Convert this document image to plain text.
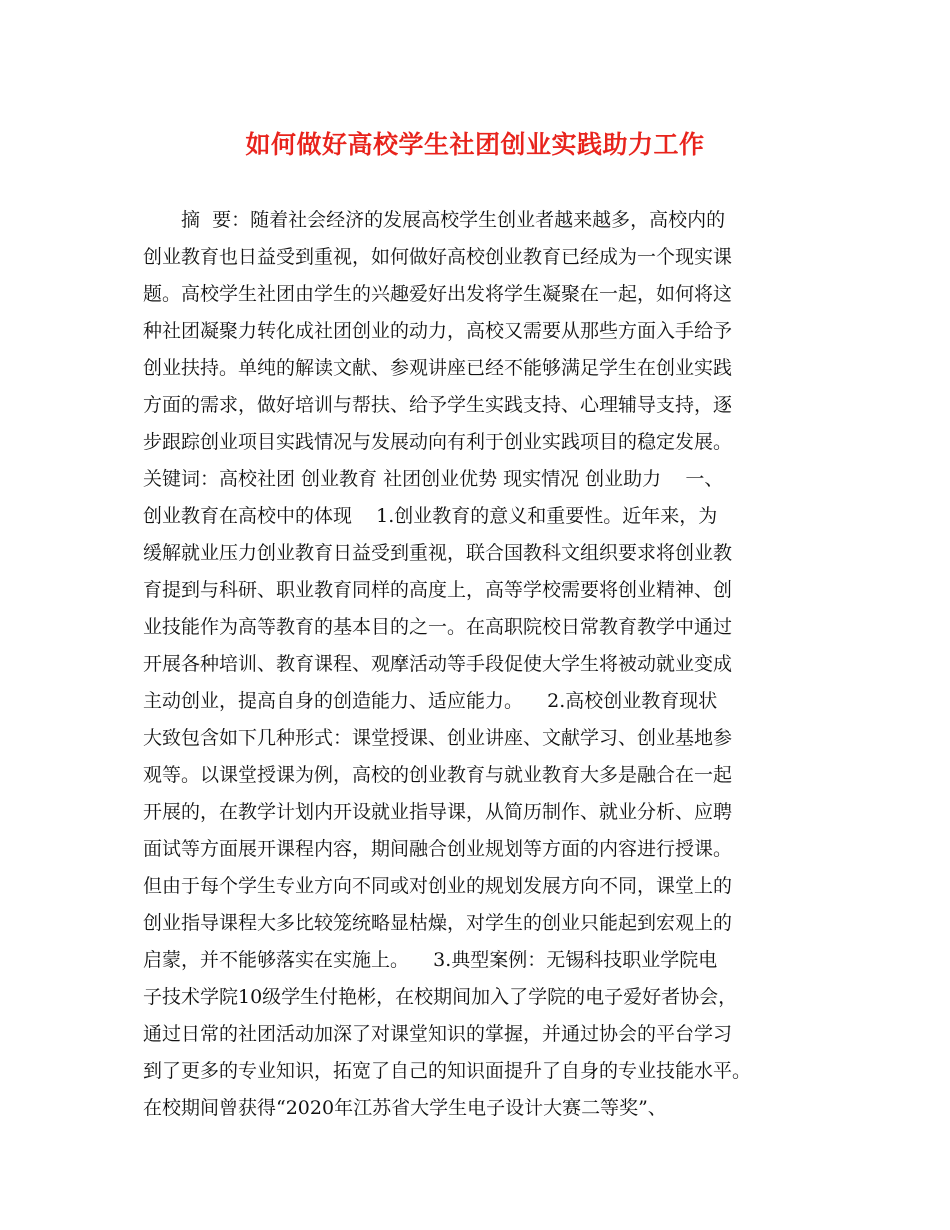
如何做好高校学生社团创业实践助力工作
　　摘  要：随着社会经济的发展高校学生创业者越来越多，高校内的
创业教育也日益受到重视，如何做好高校创业教育已经成为一个现实课
题。高校学生社团由学生的兴趣爱好出发将学生凝聚在一起，如何将这
种社团凝聚力转化成社团创业的动力，高校又需要从那些方面入手给予
创业扶持。单纯的解读文献、参观讲座已经不能够满足学生在创业实践
方面的需求，做好培训与帮扶、给予学生实践支持、心理辅导支持，逐
步跟踪创业项目实践情况与发展动向有利于创业实践项目的稳定发展。
关键词：高校社团 创业教育 社团创业优势 现实情况 创业助力    一、
创业教育在高校中的体现    1.创业教育的意义和重要性。近年来，为
缓解就业压力创业教育日益受到重视，联合国教科文组织要求将创业教
育提到与科研、职业教育同样的高度上，高等学校需要将创业精神、创
业技能作为高等教育的基本目的之一。在高职院校日常教育教学中通过
开展各种培训、教育课程、观摩活动等手段促使大学生将被动就业变成
主动创业，提高自身的创造能力、适应能力。    2.高校创业教育现状
大致包含如下几种形式：课堂授课、创业讲座、文献学习、创业基地参
观等。以课堂授课为例，高校的创业教育与就业教育大多是融合在一起
开展的，在教学计划内开设就业指导课，从简历制作、就业分析、应聘
面试等方面展开课程内容，期间融合创业规划等方面的内容进行授课。
但由于每个学生专业方向不同或对创业的规划发展方向不同，课堂上的
创业指导课程大多比较笼统略显枯燥，对学生的创业只能起到宏观上的
启蒙，并不能够落实在实施上。    3.典型案例：无锡科技职业学院电
子技术学院10级学生付艳彬，在校期间加入了学院的电子爱好者协会，
通过日常的社团活动加深了对课堂知识的掌握，并通过协会的平台学习
到了更多的专业知识，拓宽了自己的知识面提升了自身的专业技能水平。
在校期间曾获得“2020年江苏省大学生电子设计大赛二等奖”、
